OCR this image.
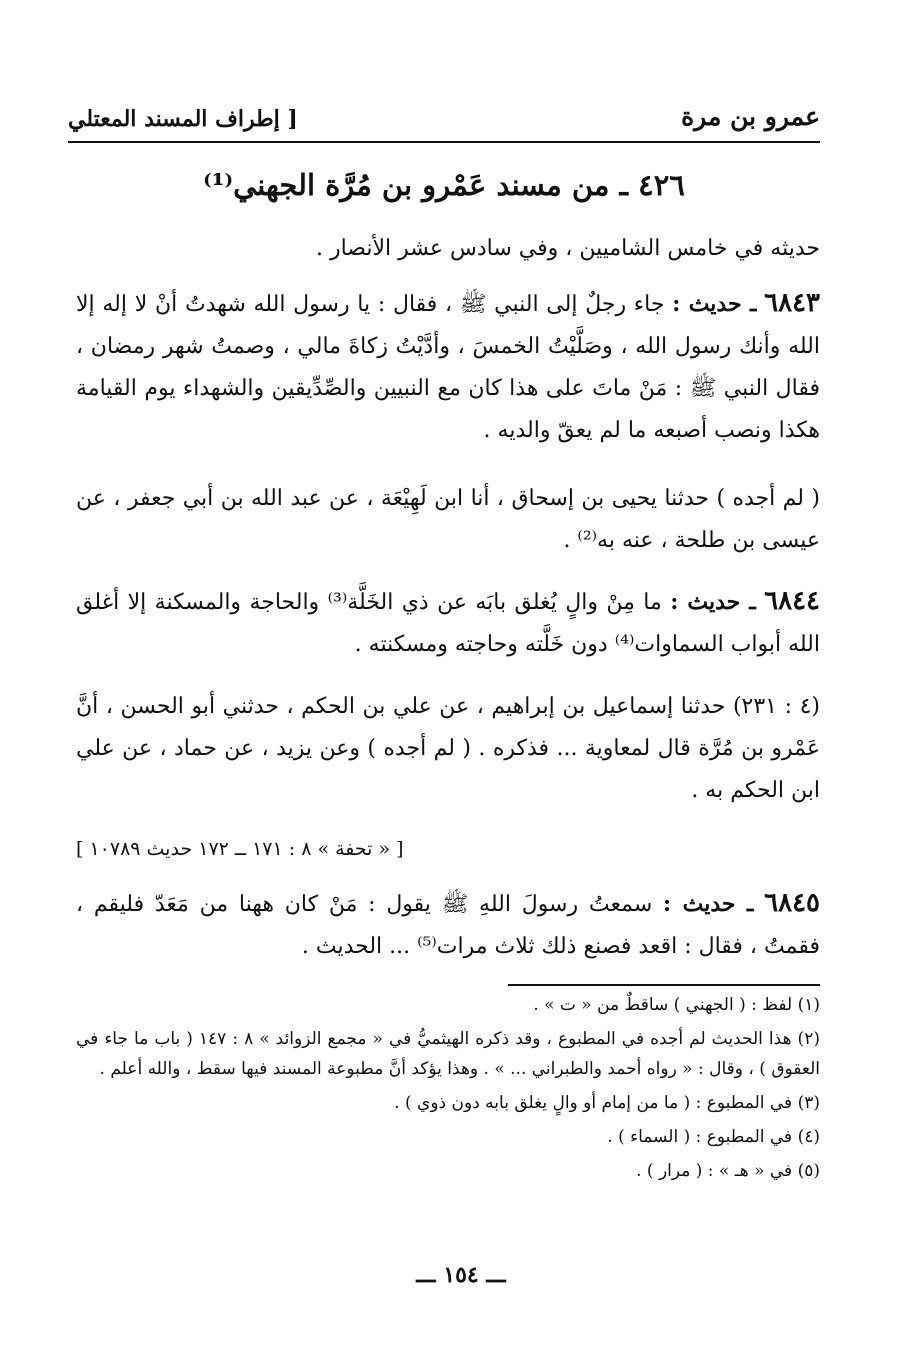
عمرو بن مرة
[ إطراف المسند المعتلي
٤٢٦ ـ من مسند عَمْرو بن مُرَّة الجهني⁽¹⁾
حديثه في خامس الشاميين ، وفي سادس عشر الأنصار .
٦٨٤٣ ـ حديث : جاء رجلٌ إلى النبي ﷺ ، فقال : يا رسول الله شهدتُ أنْ لا إله إلا الله وأنك رسول الله ، وصَلَّيْتُ الخمسَ ، وأدَّيْتُ زكاةَ مالي ، وصمتُ شهر رمضان ، فقال النبي ﷺ : مَنْ ماتَ على هذا كان مع النبيين والصِّدِّيقين والشهداء يوم القيامة هكذا ونصب أصبعه ما لم يعقّ والديه .
( لم أجده ) حدثنا يحيى بن إسحاق ، أنا ابن لَهِيْعَة ، عن عبد الله بن أبي جعفر ، عن عيسى بن طلحة ، عنه به⁽²⁾ .
٦٨٤٤ ـ حديث : ما مِنْ والٍ يُغلق بابَه عن ذي الخَلَّة⁽³⁾ والحاجة والمسكنة إلا أغلق الله أبواب السماوات⁽⁴⁾ دون خَلَّته وحاجته ومسكنته .
(٤ : ٢٣١) حدثنا إسماعيل بن إبراهيم ، عن علي بن الحكم ، حدثني أبو الحسن ، أنَّ عَمْرو بن مُرَّة قال لمعاوية ... فذكره . ( لم أجده ) وعن يزيد ، عن حماد ، عن علي ابن الحكم به .
[ « تحفة » ٨ : ١٧١ ــ ١٧٢ حديث ١٠٧٨٩ ]
٦٨٤٥ ـ حديث : سمعتُ رسولَ اللهِ ﷺ يقول : مَنْ كان ههنا من مَعَدّ فليقم ، فقمتُ ، فقال : اقعد فصنع ذلك ثلاث مرات⁽⁵⁾ ... الحديث .
(١) لفظ : ( الجهني ) ساقطٌ من « ت » .
(٢) هذا الحديث لم أجده في المطبوع ، وقد ذكره الهيثميُّ في « مجمع الزوائد » ٨ : ١٤٧ ( باب ما جاء في العقوق ) ، وقال : « رواه أحمد والطبراني ... » . وهذا يؤكد أنَّ مطبوعة المسند فيها سقط ، والله أعلم .
(٣) في المطبوع : ( ما من إمام أو والٍ يغلق بابه دون ذوي ) .
(٤) في المطبوع : ( السماء ) .
(٥) في « هـ » : ( مرار ) .
ـــ ١٥٤ ـــ
